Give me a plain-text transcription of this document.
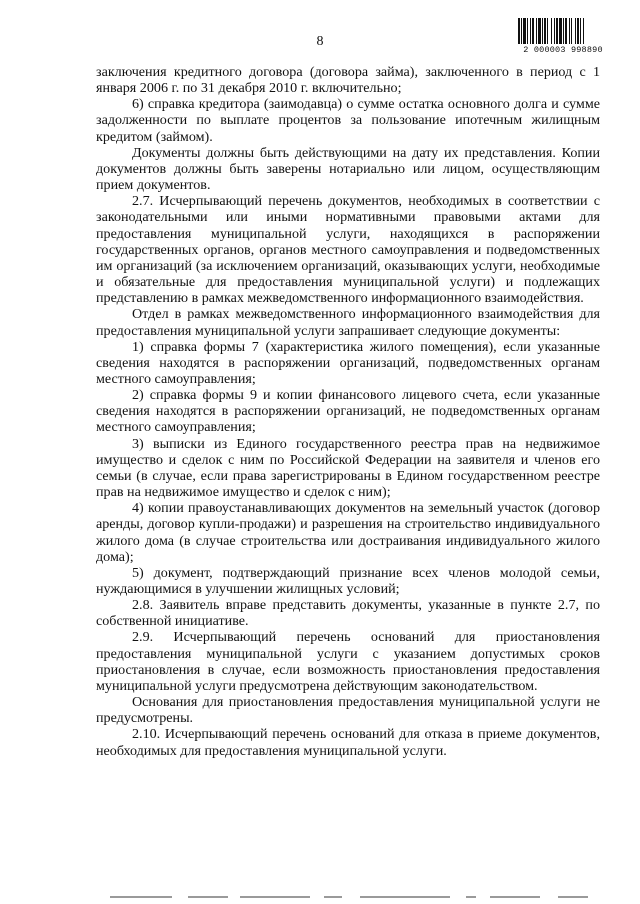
8
2 000003 998890

заключения кредитного договора (договора займа), заключенного в период с 1 января 2006 г. по 31 декабря 2010 г. включительно;

6) справка кредитора (заимодавца) о сумме остатка основного долга и сумме задолженности по выплате процентов за пользование ипотечным жилищным кредитом (займом).

Документы должны быть действующими на дату их представления. Копии документов должны быть заверены нотариально или лицом, осуществляющим прием документов.

2.7. Исчерпывающий перечень документов, необходимых в соответствии с законодательными или иными нормативными правовыми актами для предоставления муниципальной услуги, находящихся в распоряжении государственных органов, органов местного самоуправления и подведомственных им организаций (за исключением организаций, оказывающих услуги, необходимые и обязательные для предоставления муниципальной услуги) и подлежащих представлению в рамках межведомственного информационного взаимодействия.

Отдел в рамках межведомственного информационного взаимодействия для предоставления муниципальной услуги запрашивает следующие документы:

1) справка формы 7 (характеристика жилого помещения), если указанные сведения находятся в распоряжении организаций, подведомственных органам местного самоуправления;

2) справка формы 9 и копии финансового лицевого счета, если указанные сведения находятся в распоряжении организаций, не подведомственных органам местного самоуправления;

3) выписки из Единого государственного реестра прав на недвижимое имущество и сделок с ним по Российской Федерации на заявителя и членов его семьи (в случае, если права зарегистрированы в Едином государственном реестре прав на недвижимое имущество и сделок с ним);

4) копии правоустанавливающих документов на земельный участок (договор аренды, договор купли-продажи) и разрешения на строительство индивидуального жилого дома (в случае строительства или достраивания индивидуального жилого дома);

5) документ, подтверждающий признание всех членов молодой семьи, нуждающимися в улучшении жилищных условий;

2.8. Заявитель вправе представить документы, указанные в пункте 2.7, по собственной инициативе.

2.9. Исчерпывающий перечень оснований для приостановления предоставления муниципальной услуги с указанием допустимых сроков приостановления в случае, если возможность приостановления предоставления муниципальной услуги предусмотрена действующим законодательством.

Основания для приостановления предоставления муниципальной услуги не предусмотрены.

2.10. Исчерпывающий перечень оснований для отказа в приеме документов, необходимых для предоставления муниципальной услуги.
